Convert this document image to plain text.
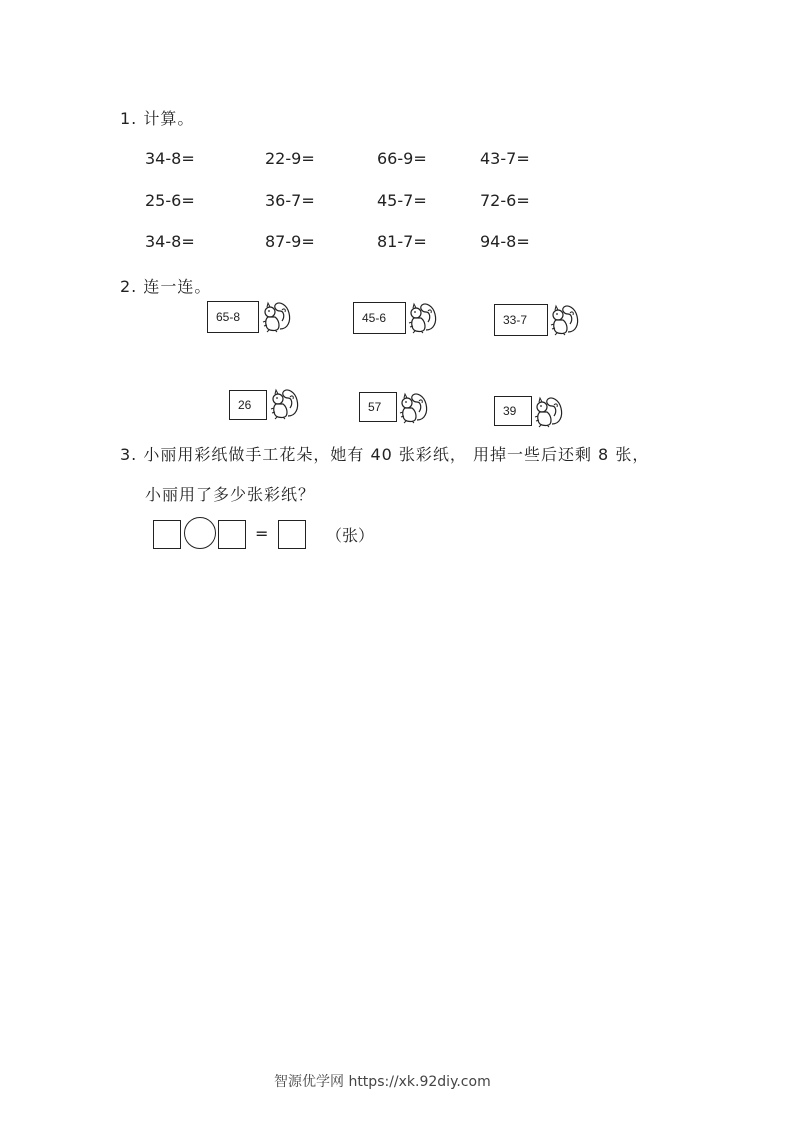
1. 计算。
34-8=	22-9=	66-9=	43-7=
25-6=	36-7=	45-7=	72-6=
34-8=	87-9=	81-7=	94-8=
2. 连一连。
65-8	45-6	33-7
26	57	39
3. 小丽用彩纸做手工花朵，她有 40 张彩纸， 用掉一些后还剩 8 张，
小丽用了多少张彩纸？
=	（张）
智源优学网 https://xk.92diy.com
